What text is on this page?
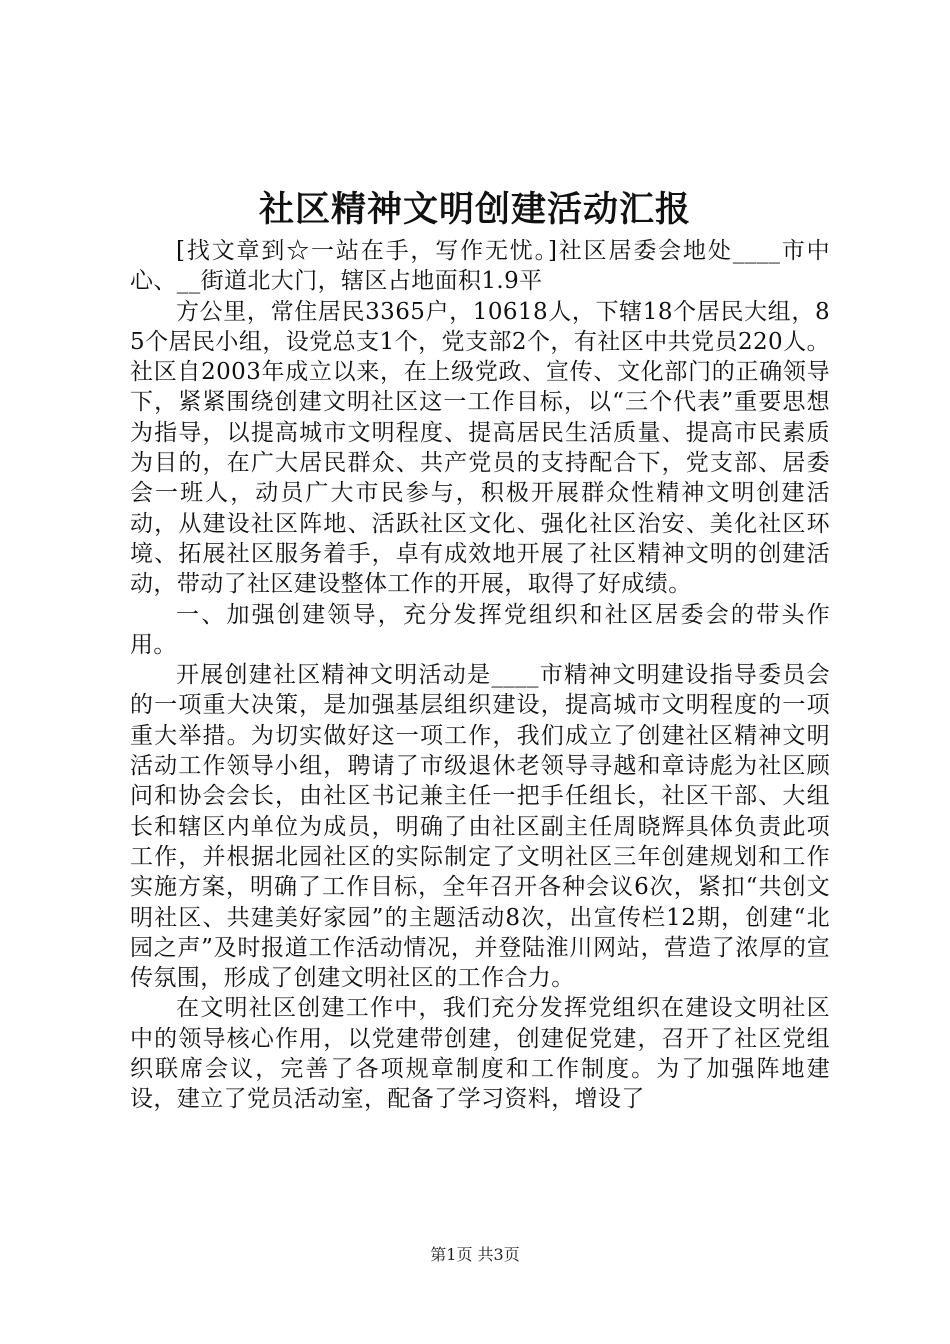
社区精神文明创建活动汇报

[找文章到☆一站在手，写作无忧。]社区居委会地处____市中心、__街道北大门，辖区占地面积1.9平

方公里，常住居民3365户，10618人，下辖18个居民大组，85个居民小组，设党总支1个，党支部2个，有社区中共党员220人。社区自2003年成立以来，在上级党政、宣传、文化部门的正确领导下，紧紧围绕创建文明社区这一工作目标，以“三个代表”重要思想为指导，以提高城市文明程度、提高居民生活质量、提高市民素质为目的，在广大居民群众、共产党员的支持配合下，党支部、居委会一班人，动员广大市民参与，积极开展群众性精神文明创建活动，从建设社区阵地、活跃社区文化、强化社区治安、美化社区环境、拓展社区服务着手，卓有成效地开展了社区精神文明的创建活动，带动了社区建设整体工作的开展，取得了好成绩。

一、加强创建领导，充分发挥党组织和社区居委会的带头作用。

开展创建社区精神文明活动是____市精神文明建设指导委员会的一项重大决策，是加强基层组织建设，提高城市文明程度的一项重大举措。为切实做好这一项工作，我们成立了创建社区精神文明活动工作领导小组，聘请了市级退休老领导寻越和章诗彪为社区顾问和协会会长，由社区书记兼主任一把手任组长，社区干部、大组长和辖区内单位为成员，明确了由社区副主任周晓辉具体负责此项工作，并根据北园社区的实际制定了文明社区三年创建规划和工作实施方案，明确了工作目标，全年召开各种会议6次，紧扣“共创文明社区、共建美好家园”的主题活动8次，出宣传栏12期，创建“北园之声”及时报道工作活动情况，并登陆淮川网站，营造了浓厚的宣传氛围，形成了创建文明社区的工作合力。

在文明社区创建工作中，我们充分发挥党组织在建设文明社区中的领导核心作用，以党建带创建，创建促党建，召开了社区党组织联席会议，完善了各项规章制度和工作制度。为了加强阵地建设，建立了党员活动室，配备了学习资料，增设了

第1页 共3页
